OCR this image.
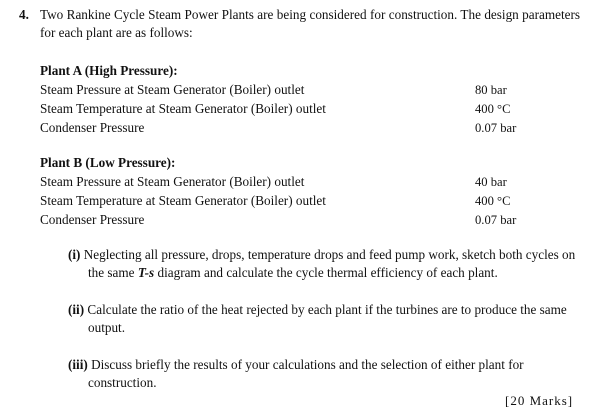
4. Two Rankine Cycle Steam Power Plants are being considered for construction. The design parameters for each plant are as follows:
Plant A (High Pressure):
Steam Pressure at Steam Generator (Boiler) outlet	80 bar
Steam Temperature at Steam Generator (Boiler) outlet	400 °C
Condenser Pressure	0.07 bar
Plant B (Low Pressure):
Steam Pressure at Steam Generator (Boiler) outlet	40 bar
Steam Temperature at Steam Generator (Boiler) outlet	400 °C
Condenser Pressure	0.07 bar
(i) Neglecting all pressure, drops, temperature drops and feed pump work, sketch both cycles on the same T-s diagram and calculate the cycle thermal efficiency of each plant.
(ii) Calculate the ratio of the heat rejected by each plant if the turbines are to produce the same output.
(iii) Discuss briefly the results of your calculations and the selection of either plant for construction.
[20 Marks]
